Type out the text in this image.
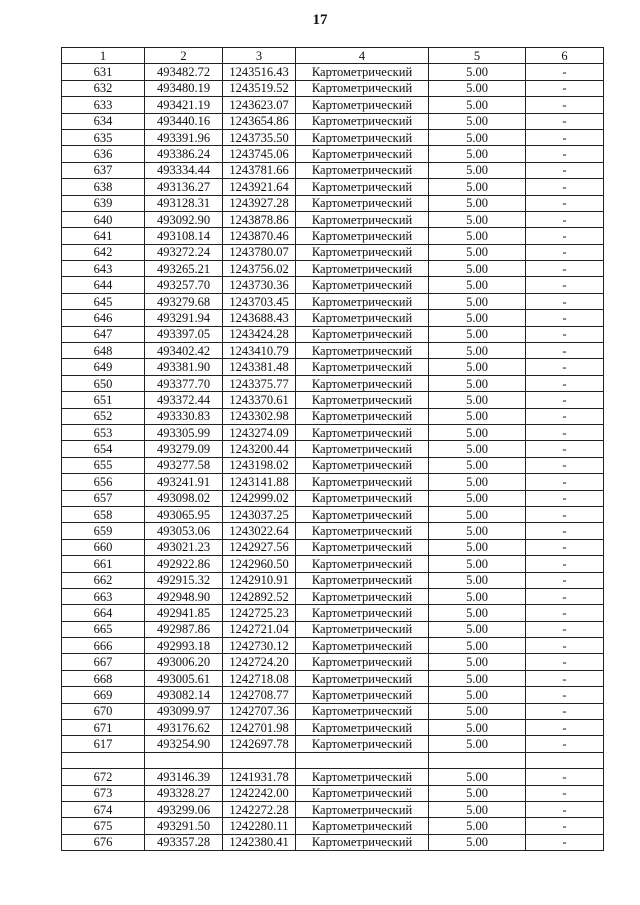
17
1	2	3	4	5	6
631	493482.72	1243516.43	Картометрический	5.00	-
632	493480.19	1243519.52	Картометрический	5.00	-
633	493421.19	1243623.07	Картометрический	5.00	-
634	493440.16	1243654.86	Картометрический	5.00	-
635	493391.96	1243735.50	Картометрический	5.00	-
636	493386.24	1243745.06	Картометрический	5.00	-
637	493334.44	1243781.66	Картометрический	5.00	-
638	493136.27	1243921.64	Картометрический	5.00	-
639	493128.31	1243927.28	Картометрический	5.00	-
640	493092.90	1243878.86	Картометрический	5.00	-
641	493108.14	1243870.46	Картометрический	5.00	-
642	493272.24	1243780.07	Картометрический	5.00	-
643	493265.21	1243756.02	Картометрический	5.00	-
644	493257.70	1243730.36	Картометрический	5.00	-
645	493279.68	1243703.45	Картометрический	5.00	-
646	493291.94	1243688.43	Картометрический	5.00	-
647	493397.05	1243424.28	Картометрический	5.00	-
648	493402.42	1243410.79	Картометрический	5.00	-
649	493381.90	1243381.48	Картометрический	5.00	-
650	493377.70	1243375.77	Картометрический	5.00	-
651	493372.44	1243370.61	Картометрический	5.00	-
652	493330.83	1243302.98	Картометрический	5.00	-
653	493305.99	1243274.09	Картометрический	5.00	-
654	493279.09	1243200.44	Картометрический	5.00	-
655	493277.58	1243198.02	Картометрический	5.00	-
656	493241.91	1243141.88	Картометрический	5.00	-
657	493098.02	1242999.02	Картометрический	5.00	-
658	493065.95	1243037.25	Картометрический	5.00	-
659	493053.06	1243022.64	Картометрический	5.00	-
660	493021.23	1242927.56	Картометрический	5.00	-
661	492922.86	1242960.50	Картометрический	5.00	-
662	492915.32	1242910.91	Картометрический	5.00	-
663	492948.90	1242892.52	Картометрический	5.00	-
664	492941.85	1242725.23	Картометрический	5.00	-
665	492987.86	1242721.04	Картометрический	5.00	-
666	492993.18	1242730.12	Картометрический	5.00	-
667	493006.20	1242724.20	Картометрический	5.00	-
668	493005.61	1242718.08	Картометрический	5.00	-
669	493082.14	1242708.77	Картометрический	5.00	-
670	493099.97	1242707.36	Картометрический	5.00	-
671	493176.62	1242701.98	Картометрический	5.00	-
617	493254.90	1242697.78	Картометрический	5.00	-

672	493146.39	1241931.78	Картометрический	5.00	-
673	493328.27	1242242.00	Картометрический	5.00	-
674	493299.06	1242272.28	Картометрический	5.00	-
675	493291.50	1242280.11	Картометрический	5.00	-
676	493357.28	1242380.41	Картометрический	5.00	-
